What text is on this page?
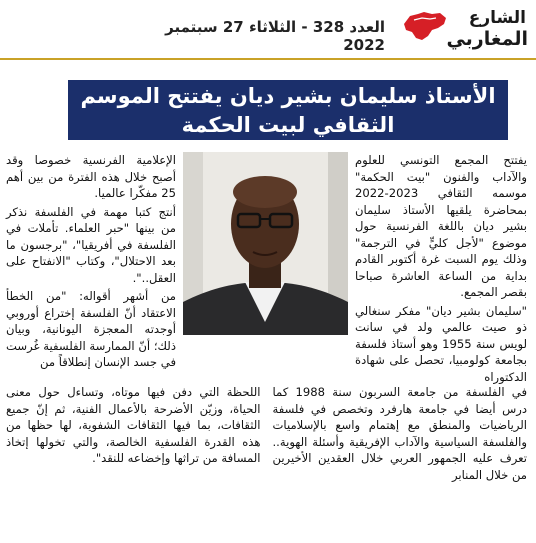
العدد 328 - الثلاثاء 27 سبتمبر 2022
الشارع
المغاربي
الأستاذ سليمان بشير ديان يفتتح الموسم الثقافي لبيت الحكمة

يفتتح المجمع التونسي للعلوم والآداب والفنون "بيت الحكمة" موسمه الثقافي 2023-2022 بمحاضرة يلقيها الأستاذ سليمان بشير ديان باللغة الفرنسية حول موضوع "لأجل كليٍّ في الترجمة" وذلك يوم السبت غرة أكتوبر القادم بداية من الساعة العاشرة صباحا بقصر المجمع.

"سليمان بشير ديان" مفكر سنغالي ذو صيت عالمي ولد في سانت لويس سنة 1955 وهو أستاذ فلسفة بجامعة كولومبيا، تحصل على شهادة الدكتوراه

الإعلامية الفرنسية خصوصا وقد أصبح خلال هذه الفترة من بين أهم 25 مفكّرا عالميا.

أنتج كتبا مهمة في الفلسفة نذكر من بينها "حبر العلماء. تأملات في الفلسفة في أفريقيا"، "برجسون ما بعد الاحتلال"، وكتاب "الانفتاح على العقل..".

من أشهر أقواله: "من الخطأ الاعتقاد أنّ الفلسفة إختراع أوروبي أوجدته المعجزة اليونانية، وبيان ذلك؛ أنّ الممارسة الفلسفية غُرست في جسد الإنسان إنطلاقاً من

في الفلسفة من جامعة السربون سنة 1988 كما درس أيضا في جامعة هارفرد وتخصص في فلسفة الرياضيات والمنطق مع إهتمام واسع بالإسلاميات والفلسفة السياسية والآداب الإفريقية وأسئلة الهوية.. تعرف عليه الجمهور العربي خلال العقدين الأخيرين من خلال المنابر

اللحظة التي دفن فيها موتاه، وتساءل حول معنى الحياة، وزيّن الأضرحة بالأعمال الفنية، ثم إنّ جميع الثقافات، بما فيها الثقافات الشفوية، لها حظها من هذه القدرة الفلسفية الخالصة، والتي تخولها إتخاذ المسافة من تراثها وإخضاعه للنقد".
